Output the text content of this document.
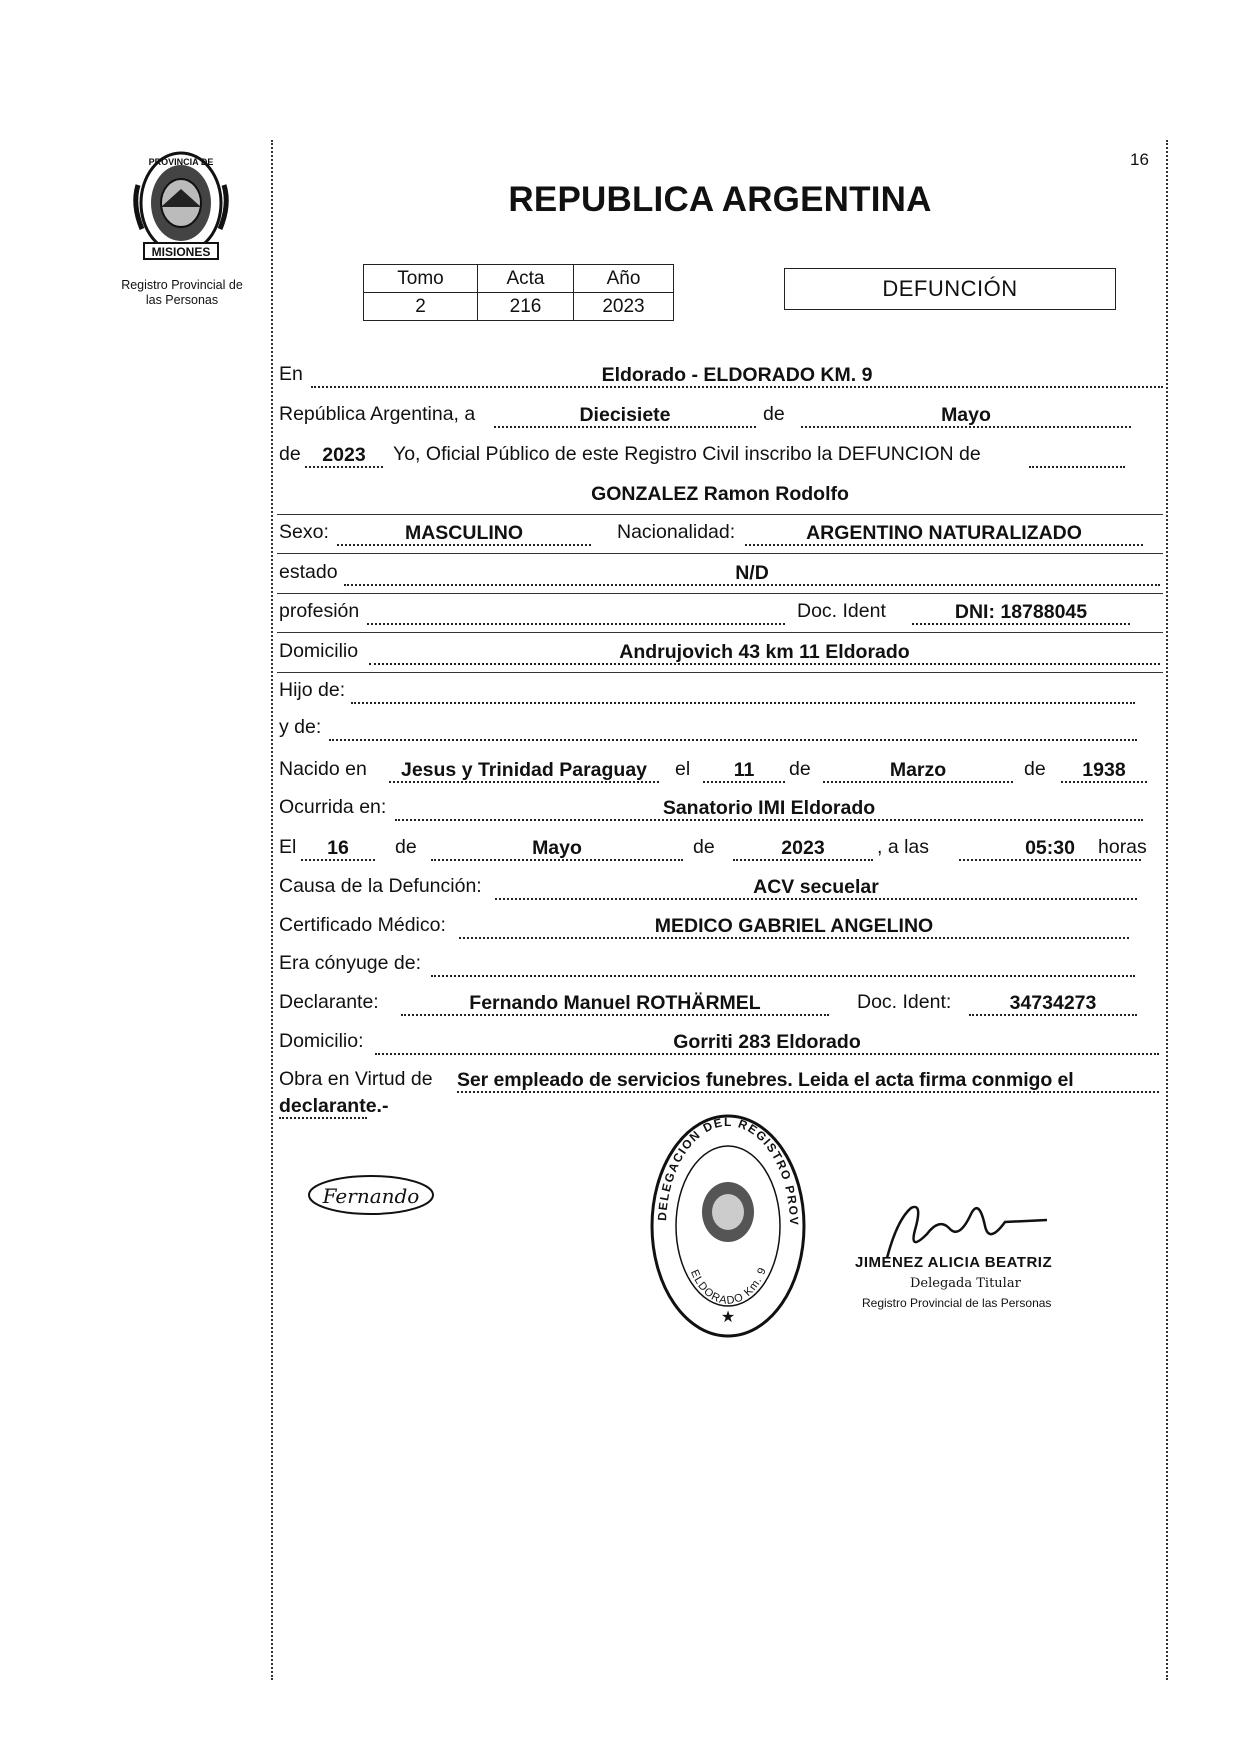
PROVINCIA DE
MISIONES
Registro Provincial de
las Personas
16
REPUBLICA ARGENTINA
Tomo	Acta	Año
2	216	2023
DEFUNCIÓN
En	Eldorado - ELDORADO KM. 9
República Argentina, a	Diecisiete	de	Mayo
de	2023	Yo, Oficial Público de este Registro Civil inscribo la DEFUNCION de
GONZALEZ Ramon Rodolfo
Sexo:	MASCULINO	Nacionalidad:	ARGENTINO NATURALIZADO
estado	N/D
profesión	Doc. Ident	DNI: 18788045
Domicilio	Andrujovich 43 km 11 Eldorado
Hijo de:
y de:
Nacido en	Jesus y Trinidad Paraguay	el	11	de	Marzo	de	1938
Ocurrida en:	Sanatorio IMI Eldorado
El	16	de	Mayo	de	2023	, a las	05:30	horas
Causa de la Defunción:	ACV secuelar
Certificado Médico:	MEDICO GABRIEL ANGELINO
Era cónyuge de:
Declarante:	Fernando Manuel ROTHÄRMEL	Doc. Ident:	34734273
Domicilio:	Gorriti 283 Eldorado
Obra en Virtud de Ser empleado de servicios funebres. Leida el acta firma conmigo el
declarante.-
Fernando
DELEGACION DEL REGISTRO PROV
ELDORADO Km. 9
★
JIMENEZ ALICIA BEATRIZ
Delegada Titular
Registro Provincial de las Personas
